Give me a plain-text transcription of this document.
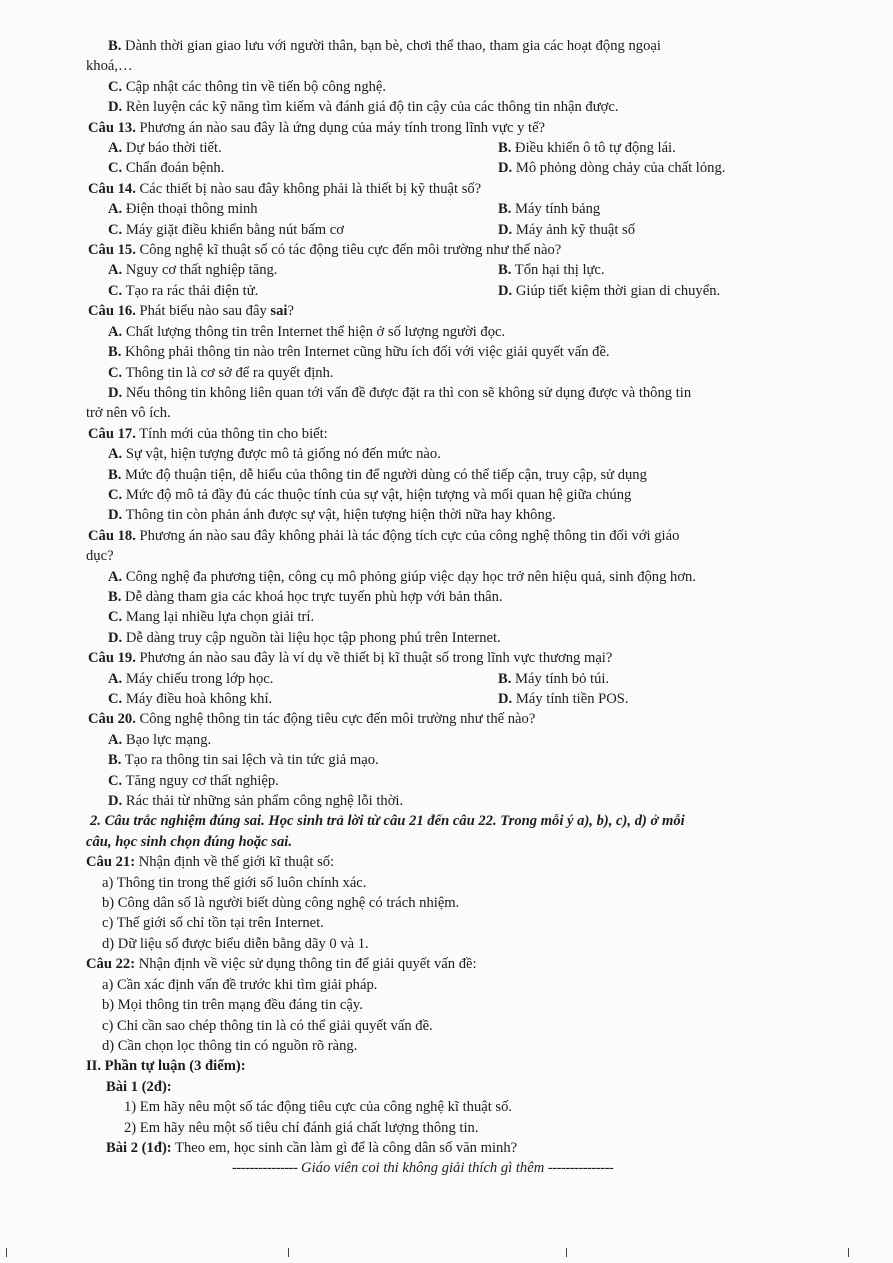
B. Dành thời gian giao lưu với người thân, bạn bè, chơi thể thao, tham gia các hoạt động ngoại
khoá,…
C. Cập nhật các thông tin về tiến bộ công nghệ.
D. Rèn luyện các kỹ năng tìm kiếm và đánh giá độ tin cậy của các thông tin nhận được.
Câu 13. Phương án nào sau đây là ứng dụng của máy tính trong lĩnh vực y tế?
A. Dự báo thời tiết.	B. Điều khiển ô tô tự động lái.
C. Chẩn đoán bệnh.	D. Mô phỏng dòng chảy của chất lỏng.
Câu 14. Các thiết bị nào sau đây không phải là thiết bị kỹ thuật số?
A. Điện thoại thông minh	B. Máy tính bảng
C. Máy giặt điều khiển bằng nút bấm cơ	D. Máy ảnh kỹ thuật số
Câu 15. Công nghệ kĩ thuật số có tác động tiêu cực đến môi trường như thế nào?
A. Nguy cơ thất nghiệp tăng.	B. Tổn hại thị lực.
C. Tạo ra rác thải điện tử.	D. Giúp tiết kiệm thời gian di chuyển.
Câu 16. Phát biểu nào sau đây sai?
A. Chất lượng thông tin trên Internet thể hiện ở số lượng người đọc.
B. Không phải thông tin nào trên Internet cũng hữu ích đối với việc giải quyết vấn đề.
C. Thông tin là cơ sở để ra quyết định.
D. Nếu thông tin không liên quan tới vấn đề được đặt ra thì con sẽ không sử dụng được và thông tin
trở nên vô ích.
Câu 17. Tính mới của thông tin cho biết:
A. Sự vật, hiện tượng được mô tả giống nó đến mức nào.
B. Mức độ thuận tiện, dễ hiểu của thông tin để người dùng có thể tiếp cận, truy cập, sử dụng
C. Mức độ mô tả đầy đủ các thuộc tính của sự vật, hiện tượng và mối quan hệ giữa chúng
D. Thông tin còn phản ánh được sự vật, hiện tượng hiện thời nữa hay không.
Câu 18. Phương án nào sau đây không phải là tác động tích cực của công nghệ thông tin đối với giáo
dục?
A. Công nghệ đa phương tiện, công cụ mô phỏng giúp việc dạy học trở nên hiệu quả, sinh động hơn.
B. Dễ dàng tham gia các khoá học trực tuyến phù hợp với bản thân.
C. Mang lại nhiều lựa chọn giải trí.
D. Dễ dàng truy cập nguồn tài liệu học tập phong phú trên Internet.
Câu 19. Phương án nào sau đây là ví dụ về thiết bị kĩ thuật số trong lĩnh vực thương mại?
A. Máy chiếu trong lớp học.	B. Máy tính bỏ túi.
C. Máy điều hoà không khí.	D. Máy tính tiền POS.
Câu 20. Công nghệ thông tin tác động tiêu cực đến môi trường như thế nào?
A. Bạo lực mạng.
B. Tạo ra thông tin sai lệch và tin tức giả mạo.
C. Tăng nguy cơ thất nghiệp.
D. Rác thải từ những sản phẩm công nghệ lỗi thời.
2. Câu trắc nghiệm đúng sai. Học sinh trả lời từ câu 21 đến câu 22. Trong mỗi ý a), b), c), d) ở mỗi
câu, học sinh chọn đúng hoặc sai.
Câu 21: Nhận định về thế giới kĩ thuật số:
a) Thông tin trong thế giới số luôn chính xác.
b) Công dân số là người biết dùng công nghệ có trách nhiệm.
c) Thế giới số chỉ tồn tại trên Internet.
d) Dữ liệu số được biểu diễn bằng dãy 0 và 1.
Câu 22: Nhận định về việc sử dụng thông tin để giải quyết vấn đề:
a) Cần xác định vấn đề trước khi tìm giải pháp.
b) Mọi thông tin trên mạng đều đáng tin cậy.
c) Chỉ cần sao chép thông tin là có thể giải quyết vấn đề.
d) Cần chọn lọc thông tin có nguồn rõ ràng.
II. Phần tự luận (3 điểm):
Bài 1 (2đ):
1) Em hãy nêu một số tác động tiêu cực của công nghệ kĩ thuật số.
2) Em hãy nêu một số tiêu chí đánh giá chất lượng thông tin.
Bài 2 (1đ): Theo em, học sinh cần làm gì để là công dân số văn minh?
--------------- Giáo viên coi thi không giải thích gì thêm ---------------
